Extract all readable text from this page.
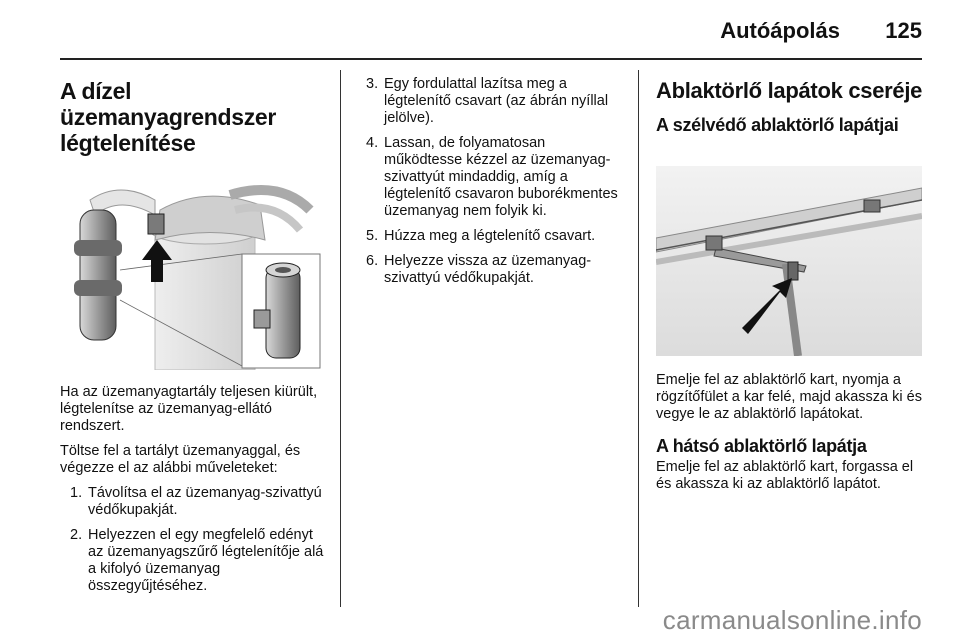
Autóápolás 125
A dízel
üzemanyagrendszer
légtelenítése

Ha az üzemanyagtartály teljesen kiürült, légtelenítse az üzemanyag-ellátó rendszert.

Töltse fel a tartályt üzemanyaggal, és végezze el az alábbi műveleteket:

1. Távolítsa el az üzemanyag-szivattyú védőkupakját.
2. Helyezzen el egy megfelelő edényt az üzemanyagszűrő légtelenítője alá a kifolyó üzemanyag összegyűjtéséhez.
3. Egy fordulattal lazítsa meg a légtelenítő csavart (az ábrán nyíllal jelölve).
4. Lassan, de folyamatosan működtesse kézzel az üzemanyag-szivattyút mindaddig, amíg a légtelenítő csavaron buborékmentes üzemanyag nem folyik ki.
5. Húzza meg a légtelenítő csavart.
6. Helyezze vissza az üzemanyag-szivattyú védőkupakját.
Ablaktörlő lapátok cseréje
A szélvédő ablaktörlő lapátjai

Emelje fel az ablaktörlő kart, nyomja a rögzítőfület a kar felé, majd akassza ki és vegye le az ablaktörlő lapátokat.

A hátsó ablaktörlő lapátja

Emelje fel az ablaktörlő kart, forgassa el és akassza ki az ablaktörlő lapátot.

carmanualsonline.info
